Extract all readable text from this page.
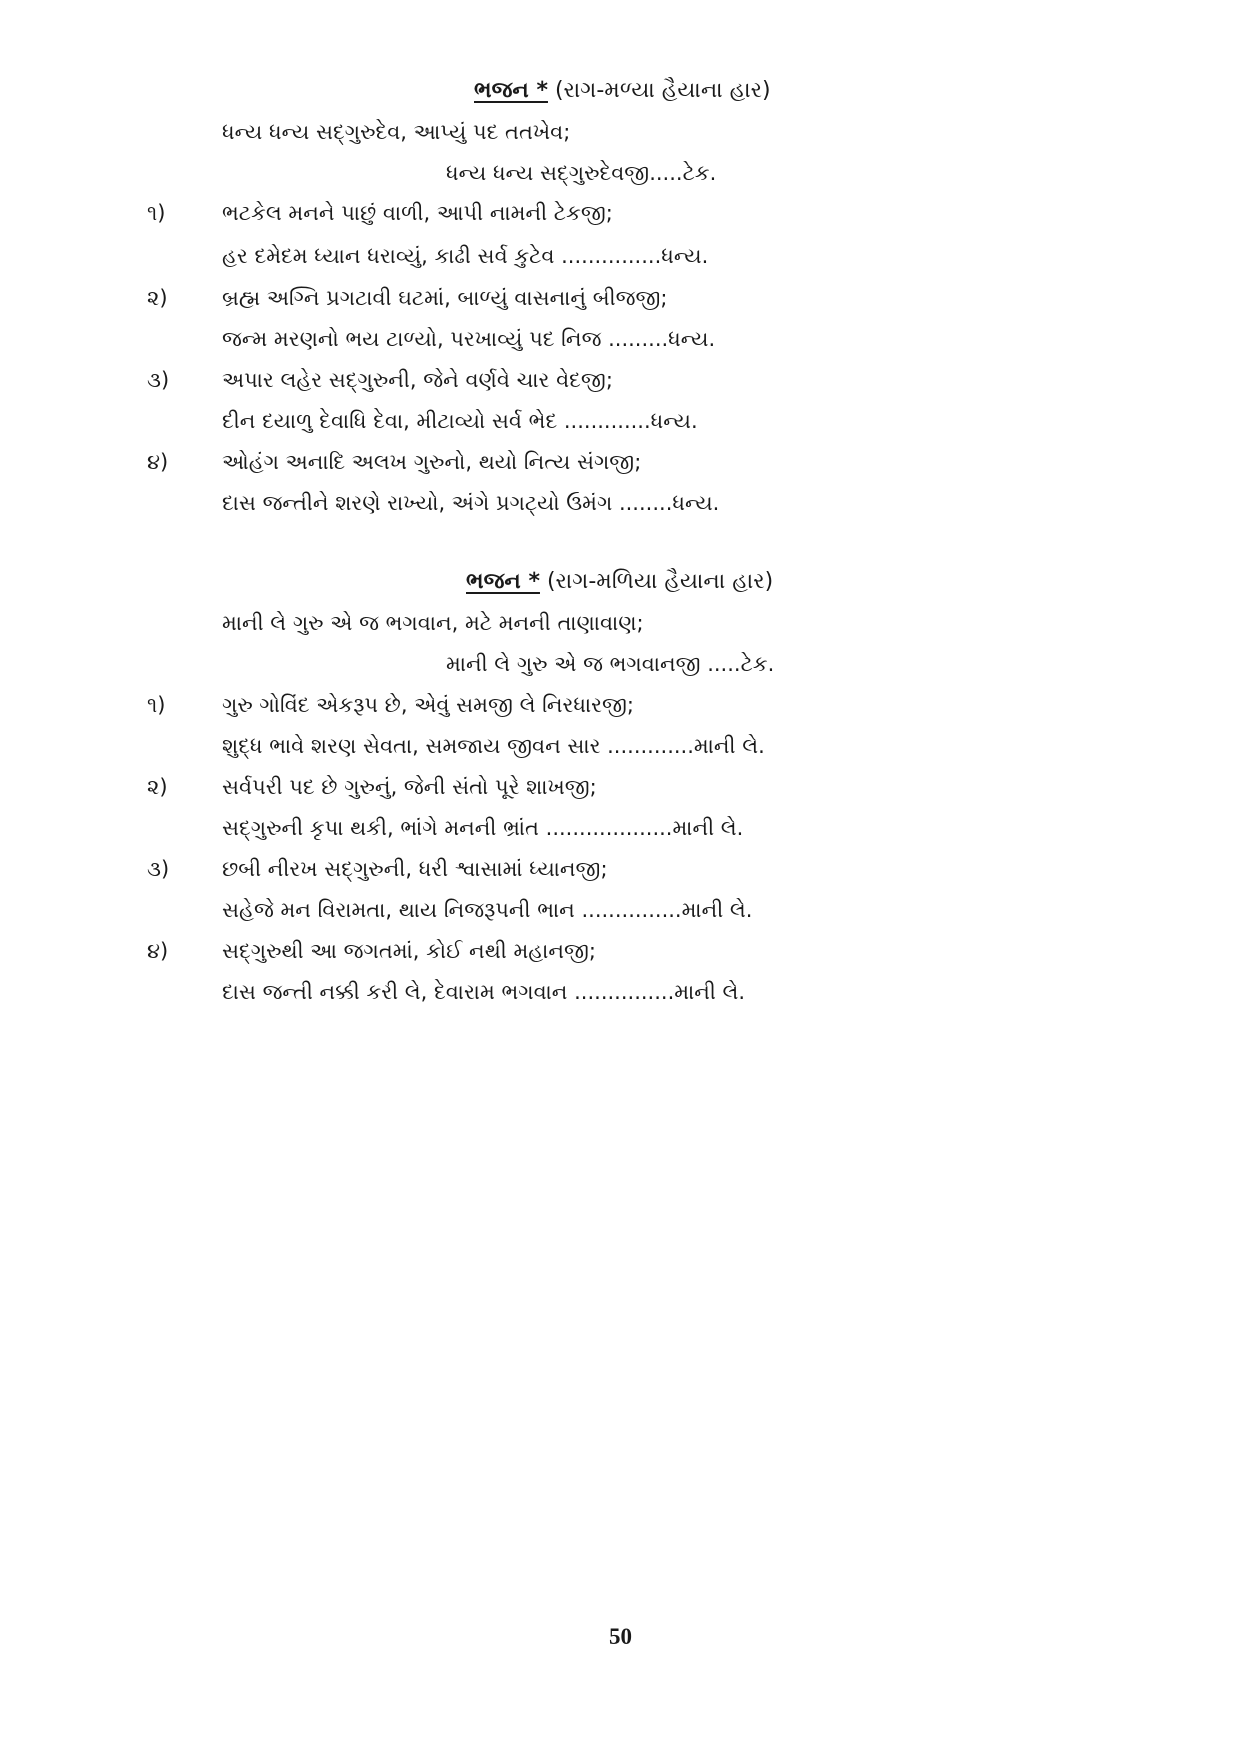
ભજન * (રાગ-મળ્યા હૈયાના હાર)
ધન્ય ધન્ય સદ્ગુરુદેવ, આપ્યું પદ તતખેવ;
ધન્ય ધન્ય સદ્ગુરુદેવજી.....ટેક.
૧)	ભટકેલ મનને પાછું વાળી, આપી નામની ટેકજી;
હર દમેદમ ધ્યાન ધરાવ્યું, કાઢી સર્વ કુટેવ ...............ધન્ય.
૨)	બ્રહ્મ અગ્નિ પ્રગટાવી ઘટમાં, બાળ્યું વાસનાનું બીજજી;
જન્મ મરણનો ભય ટાળ્યો, પરખાવ્યું પદ નિજ .........ધન્ય.
૩)	અપાર લહેર સદ્ગુરુની, જેને વર્ણવે ચાર વેદજી;
દીન દયાળુ દેવાધિ દેવા, મીટાવ્યો સર્વ ભેદ .............ધન્ય.
૪)	ઓહંગ અનાદિ અલખ ગુરુનો, થયો નિત્ય સંગજી;
દાસ જન્તીને શરણે રાખ્યો, અંગે પ્રગટ્યો ઉમંગ ........ધન્ય.
ભજન * (રાગ-મળિયા હૈયાના હાર)
માની લે ગુરુ એ જ ભગવાન, મટે મનની તાણાવાણ;
માની લે ગુરુ એ જ ભગવાનજી .....ટેક.
૧)	ગુરુ ગોવિંદ એકરૂપ છે, એવું સમજી લે નિરધારજી;
શુદ્ધ ભાવે શરણ સેવતા, સમજાય જીવન સાર .............માની લે.
૨)	સર્વપરી પદ છે ગુરુનું, જેની સંતો પૂરે શાખજી;
સદ્ગુરુની કૃપા થકી, ભાંગે મનની ભ્રાંત ...................માની લે.
૩)	છબી નીરખ સદ્ગુરુની, ધરી શ્વાસામાં ધ્યાનજી;
સહેજે મન વિરામતા, થાય નિજરૂપની ભાન ...............માની લે.
૪)	સદ્ગુરુથી આ જગતમાં, કોઈ નથી મહાનજી;
દાસ જન્તી નક્કી કરી લે, દેવારામ ભગવાન ...............માની લે.
50
